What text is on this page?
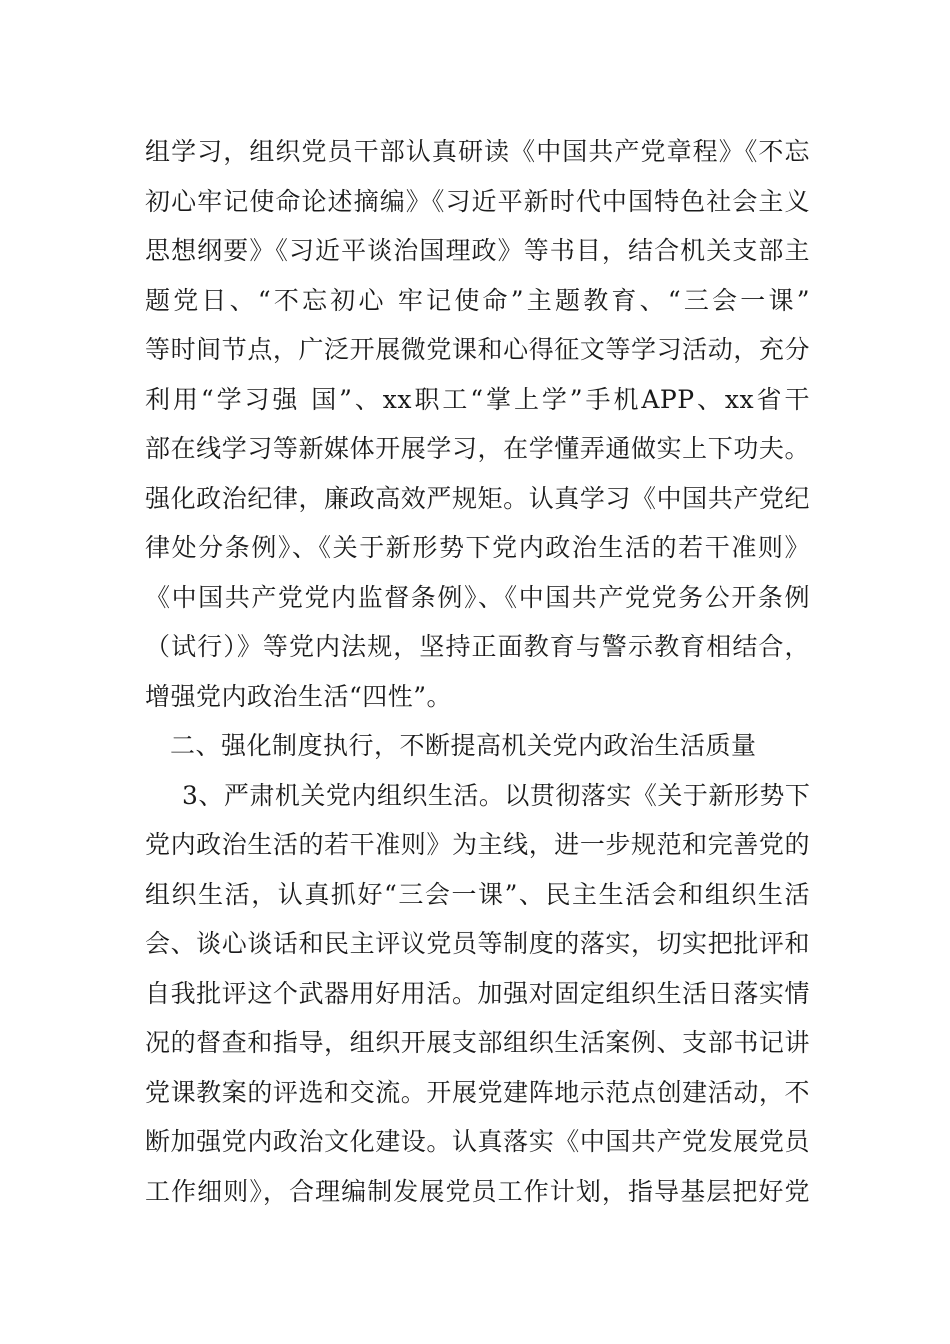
组学习，组织党员干部认真研读《中国共产党章程》《不忘
初心牢记使命论述摘编》《习近平新时代中国特色社会主义
思想纲要》《习近平谈治国理政》等书目，结合机关支部主
题党日、“不忘初心 牢记使命”主题教育、“三会一课”
等时间节点，广泛开展微党课和心得征文等学习活动，充分
利用“学习强 国”、xx职工“掌上学”手机APP、xx省干
部在线学习等新媒体开展学习，在学懂弄通做实上下功夫。
强化政治纪律，廉政高效严规矩。认真学习《中国共产党纪
律处分条例》、《关于新形势下党内政治生活的若干准则》
《中国共产党党内监督条例》、《中国共产党党务公开条例
（试行）》等党内法规，坚持正面教育与警示教育相结合，
增强党内政治生活“四性”。
二、强化制度执行，不断提高机关党内政治生活质量
3、严肃机关党内组织生活。以贯彻落实《关于新形势下
党内政治生活的若干准则》为主线，进一步规范和完善党的
组织生活，认真抓好“三会一课”、民主生活会和组织生活
会、谈心谈话和民主评议党员等制度的落实，切实把批评和
自我批评这个武器用好用活。加强对固定组织生活日落实情
况的督查和指导，组织开展支部组织生活案例、支部书记讲
党课教案的评选和交流。开展党建阵地示范点创建活动，不
断加强党内政治文化建设。认真落实《中国共产党发展党员
工作细则》，合理编制发展党员工作计划，指导基层把好党
